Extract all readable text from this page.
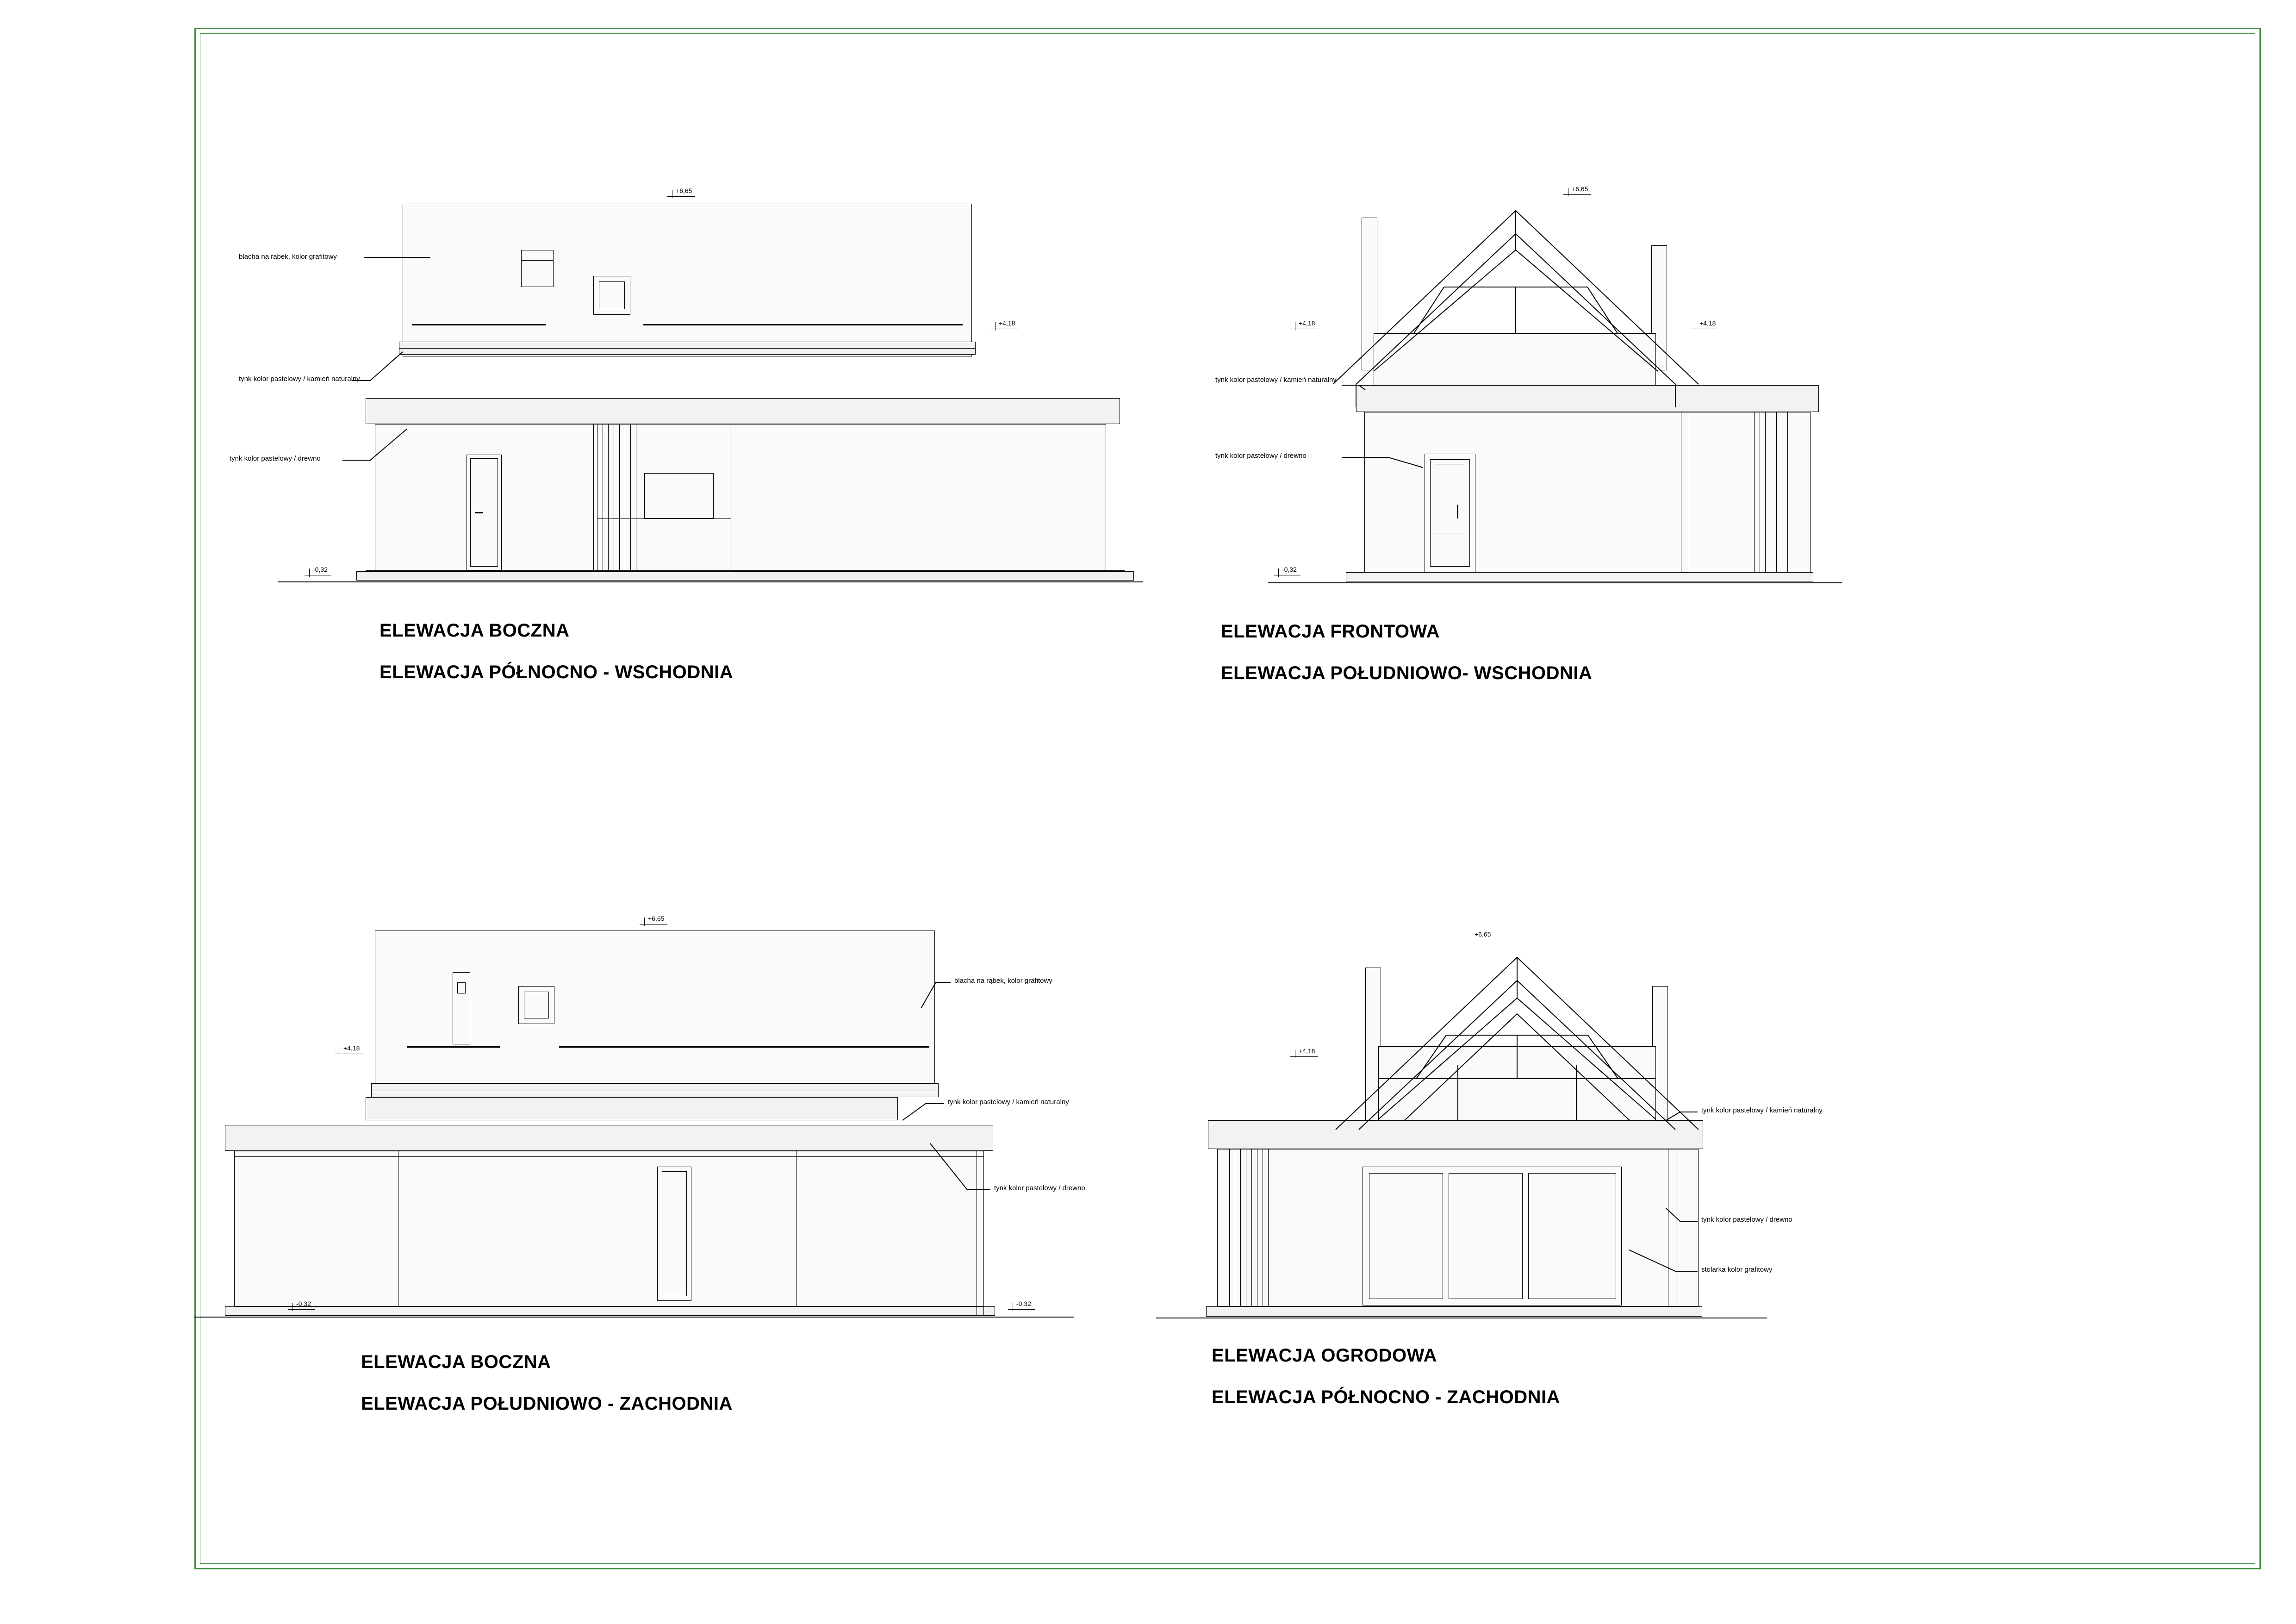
+6,65
+4,18
-0,32
blacha na rąbek, kolor grafitowy
tynk kolor pastelowy / kamień naturalny
tynk kolor pastelowy / drewno
ELEWACJA BOCZNA
ELEWACJA PÓŁNOCNO - WSCHODNIA
+6,65
+4,18	+4,18
-0,32
tynk kolor pastelowy / kamień naturalny
tynk kolor pastelowy / drewno
ELEWACJA FRONTOWA
ELEWACJA POŁUDNIOWO- WSCHODNIA
+6,65
+4,18
-0,32	-0,32
blacha na rąbek, kolor grafitowy
tynk kolor pastelowy / kamień naturalny
tynk kolor pastelowy / drewno
ELEWACJA BOCZNA
ELEWACJA POŁUDNIOWO - ZACHODNIA
+6,65
+4,18
tynk kolor pastelowy / kamień naturalny
tynk kolor pastelowy / drewno
stolarka kolor grafitowy
ELEWACJA OGRODOWA
ELEWACJA PÓŁNOCNO - ZACHODNIA
